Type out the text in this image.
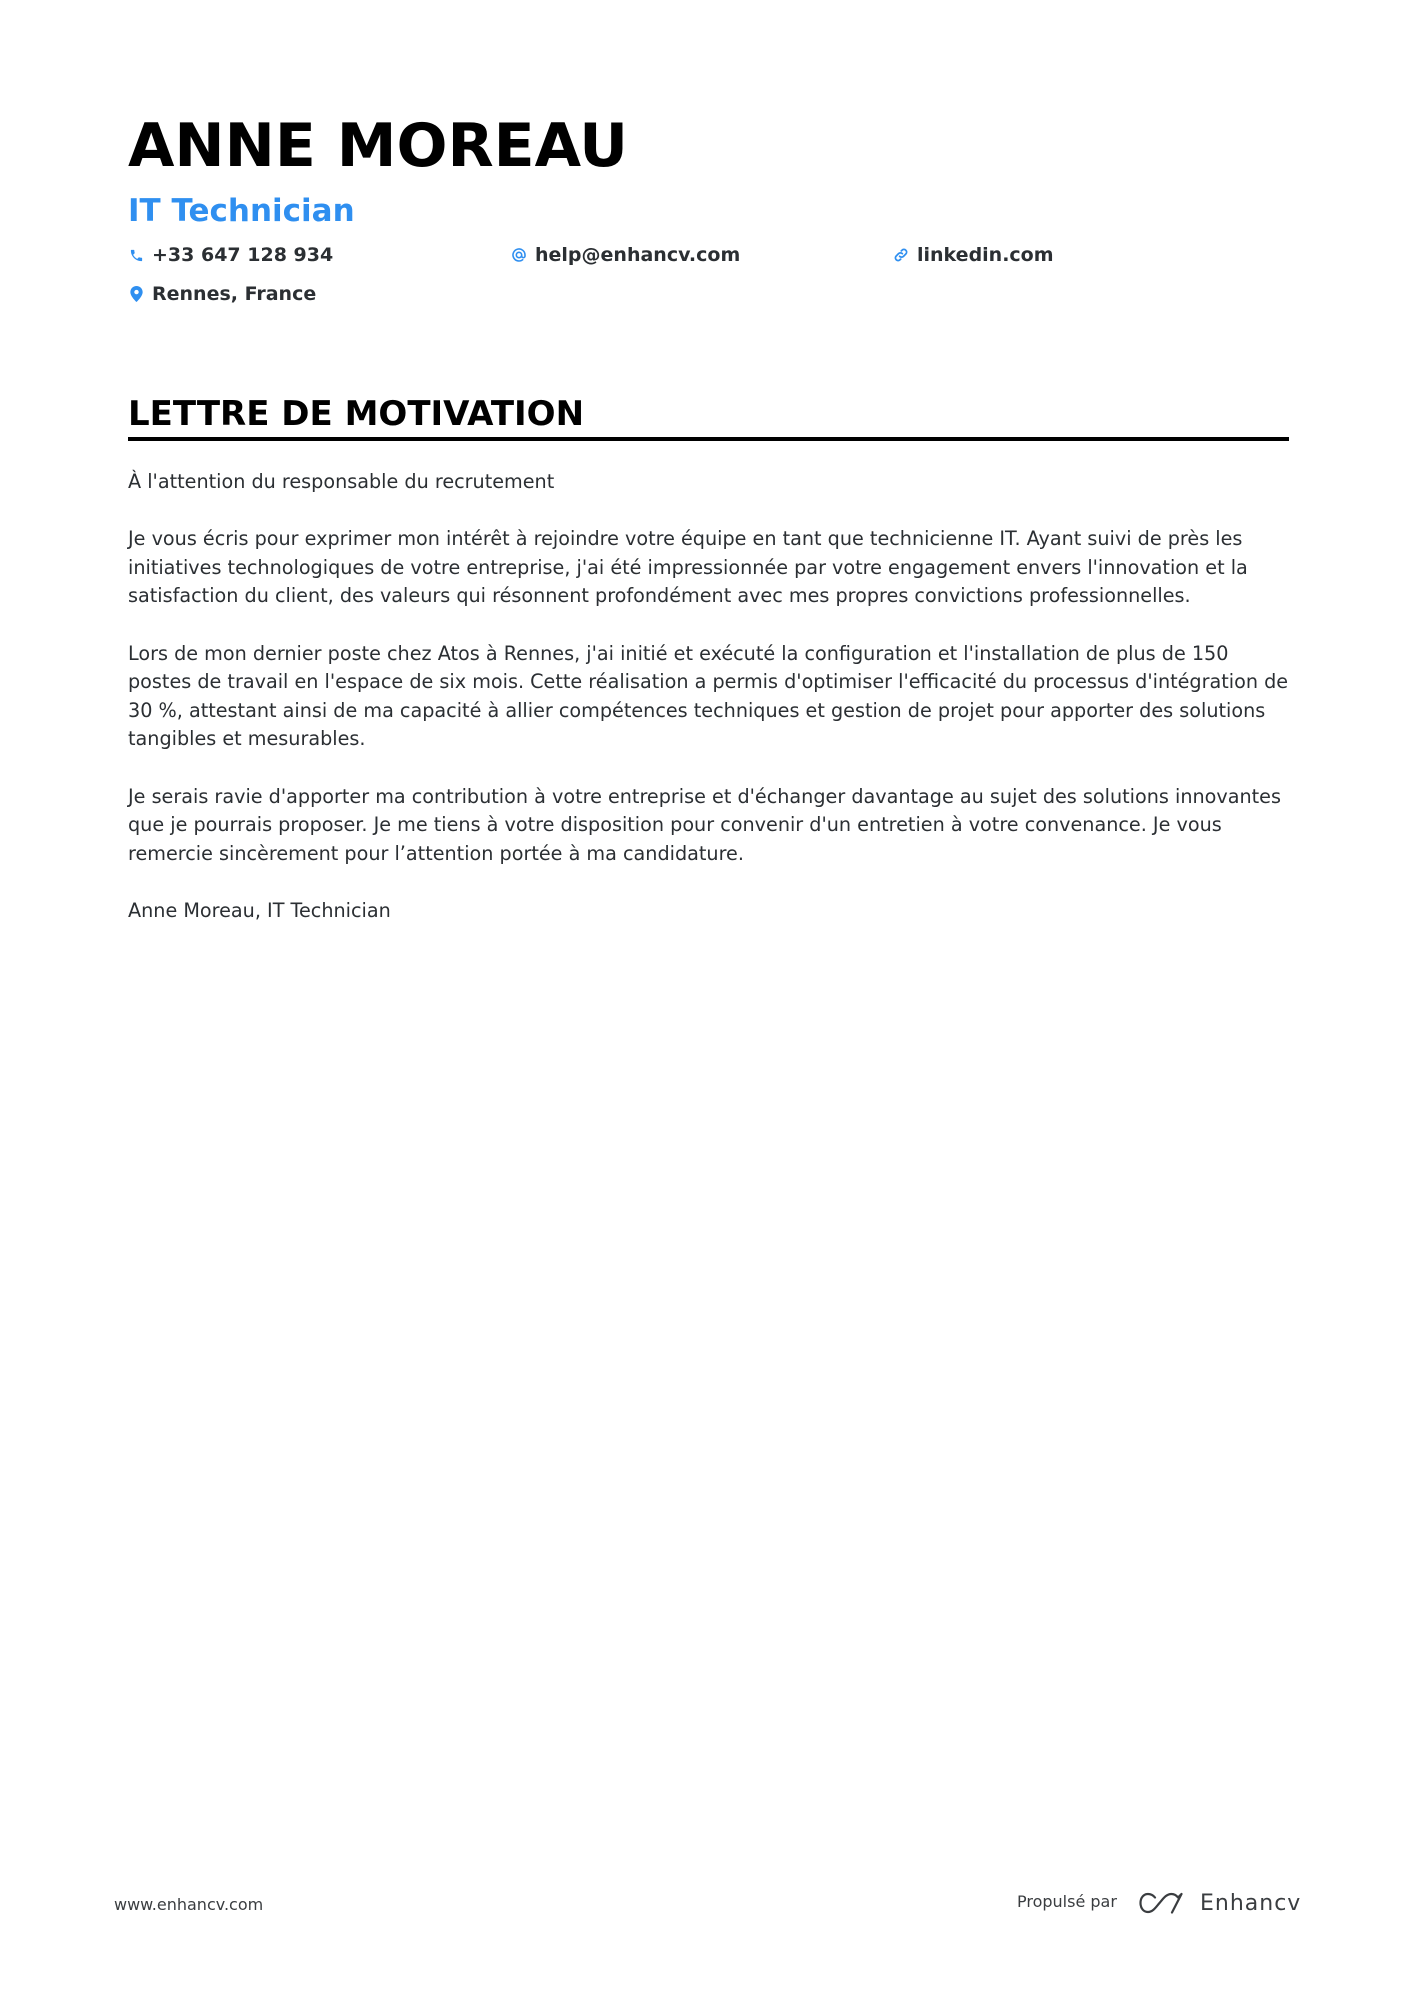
ANNE MOREAU
IT Technician
+33 647 128 934	help@enhancv.com	linkedin.com
Rennes, France
LETTRE DE MOTIVATION

À l'attention du responsable du recrutement

Je vous écris pour exprimer mon intérêt à rejoindre votre équipe en tant que technicienne IT. Ayant suivi de près les initiatives technologiques de votre entreprise, j'ai été impressionnée par votre engagement envers l'innovation et la satisfaction du client, des valeurs qui résonnent profondément avec mes propres convictions professionnelles.

Lors de mon dernier poste chez Atos à Rennes, j'ai initié et exécuté la configuration et l'installation de plus de 150 postes de travail en l'espace de six mois. Cette réalisation a permis d'optimiser l'efficacité du processus d'intégration de 30 %, attestant ainsi de ma capacité à allier compétences techniques et gestion de projet pour apporter des solutions tangibles et mesurables.

Je serais ravie d'apporter ma contribution à votre entreprise et d'échanger davantage au sujet des solutions innovantes que je pourrais proposer. Je me tiens à votre disposition pour convenir d'un entretien à votre convenance. Je vous remercie sincèrement pour l’attention portée à ma candidature.

Anne Moreau, IT Technician

www.enhancv.com	Propulsé par	Enhancv
